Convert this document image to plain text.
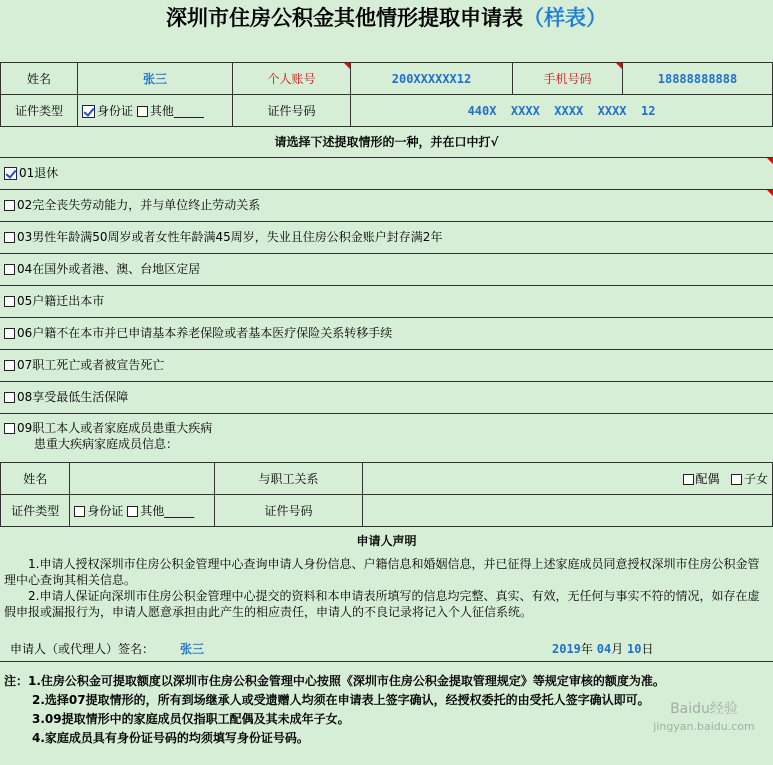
深圳市住房公积金其他情形提取申请表（样表）
姓名	张三	个人账号	200XXXXXX12	手机号码	18888888888
证件类型	身份证 其他_____	证件号码	440X  XXXX  XXXX  XXXX  12		
请选择下述提取情形的一种，并在口中打√
01退休
02完全丧失劳动能力，并与单位终止劳动关系
03男性年龄满50周岁或者女性年龄满45周岁，失业且住房公积金账户封存满2年
04在国外或者港、澳、台地区定居
05户籍迁出本市
06户籍不在本市并已申请基本养老保险或者基本医疗保险关系转移手续
07职工死亡或者被宣告死亡
08享受最低生活保障
09职工本人或者家庭成员患重大疾病
患重大疾病家庭成员信息：
姓名		与职工关系	配偶 子女
证件类型	身份证 其他_____	证件号码	
申请人声明

1.申请人授权深圳市住房公积金管理中心查询申请人身份信息、户籍信息和婚姻信息，并已征得上述家庭成员同意授权深圳市住房公积金管理中心查询其相关信息。

2.申请人保证向深圳市住房公积金管理中心提交的资料和本申请表所填写的信息均完整、真实、有效，无任何与事实不符的情况，如存在虚假申报或漏报行为，申请人愿意承担由此产生的相应责任，申请人的不良记录将记入个人征信系统。

申请人（或代理人）签名： 张三	2019年 04月 10日
注：1.住房公积金可提取额度以深圳市住房公积金管理中心按照《深圳市住房公积金提取管理规定》等规定审核的额度为准。
2.选择07提取情形的，所有到场继承人或受遗赠人均须在申请表上签字确认，经授权委托的由受托人签字确认即可。
3.09提取情形中的家庭成员仅指职工配偶及其未成年子女。
4.家庭成员具有身份证号码的均须填写身份证号码。
Baidu经验
jingyan.baidu.com
